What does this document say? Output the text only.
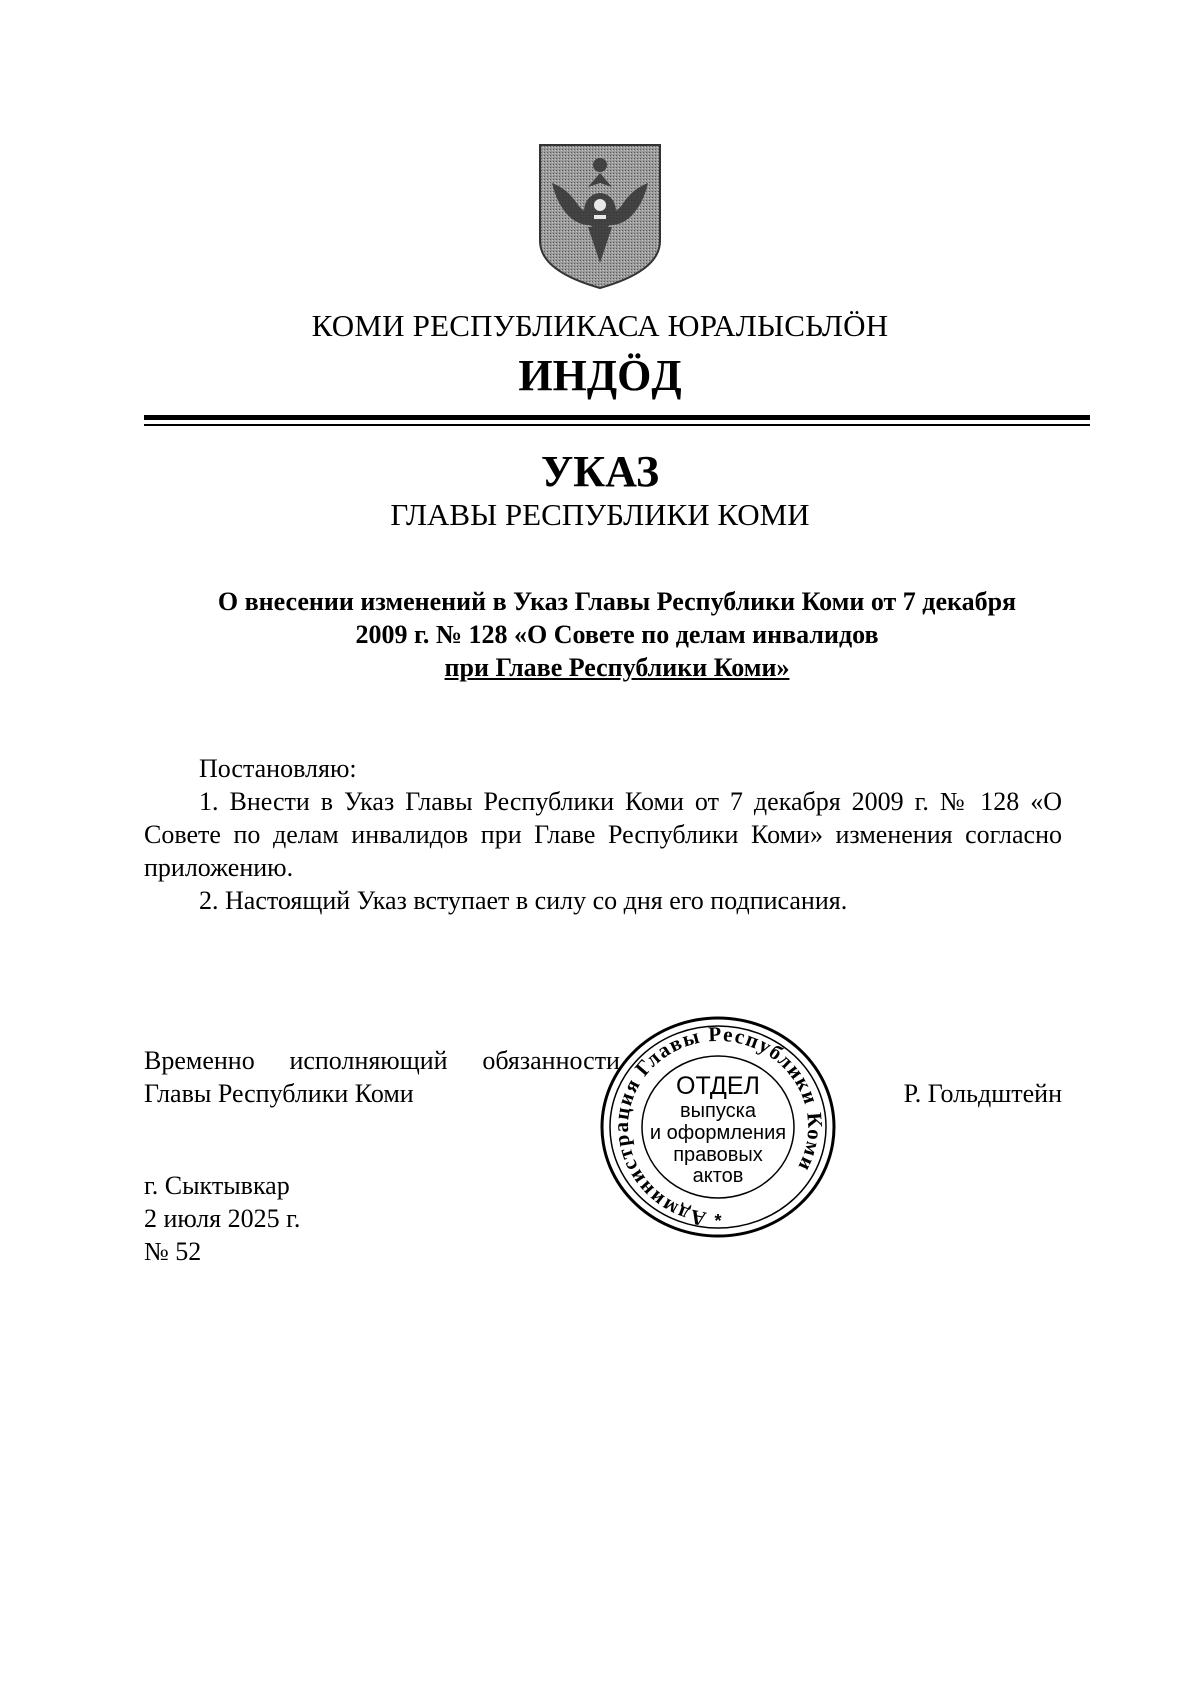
КОМИ РЕСПУБЛИКАСА ЮРАЛЫСЬЛӦН
ИНДӦД
УКАЗ
ГЛАВЫ РЕСПУБЛИКИ КОМИ
О внесении изменений в Указ Главы Республики Коми от 7 декабря
2009 г. № 128 «О Совете по делам инвалидов
при Главе Республики Коми»
Постановляю:
1. Внести в Указ Главы Республики Коми от 7 декабря 2009 г. № 128 «О Совете по делам инвалидов при Главе Республики Коми» изменения согласно приложению.
2. Настоящий Указ вступает в силу со дня его подписания.
Временно исполняющий обязанности
Главы Республики Коми	Р. Гольдштейн
Администрация Главы Республики Коми
ОТДЕЛ
выпуска
и оформления
правовых
актов
*
г. Сыктывкар
2 июля 2025 г.
№ 52
